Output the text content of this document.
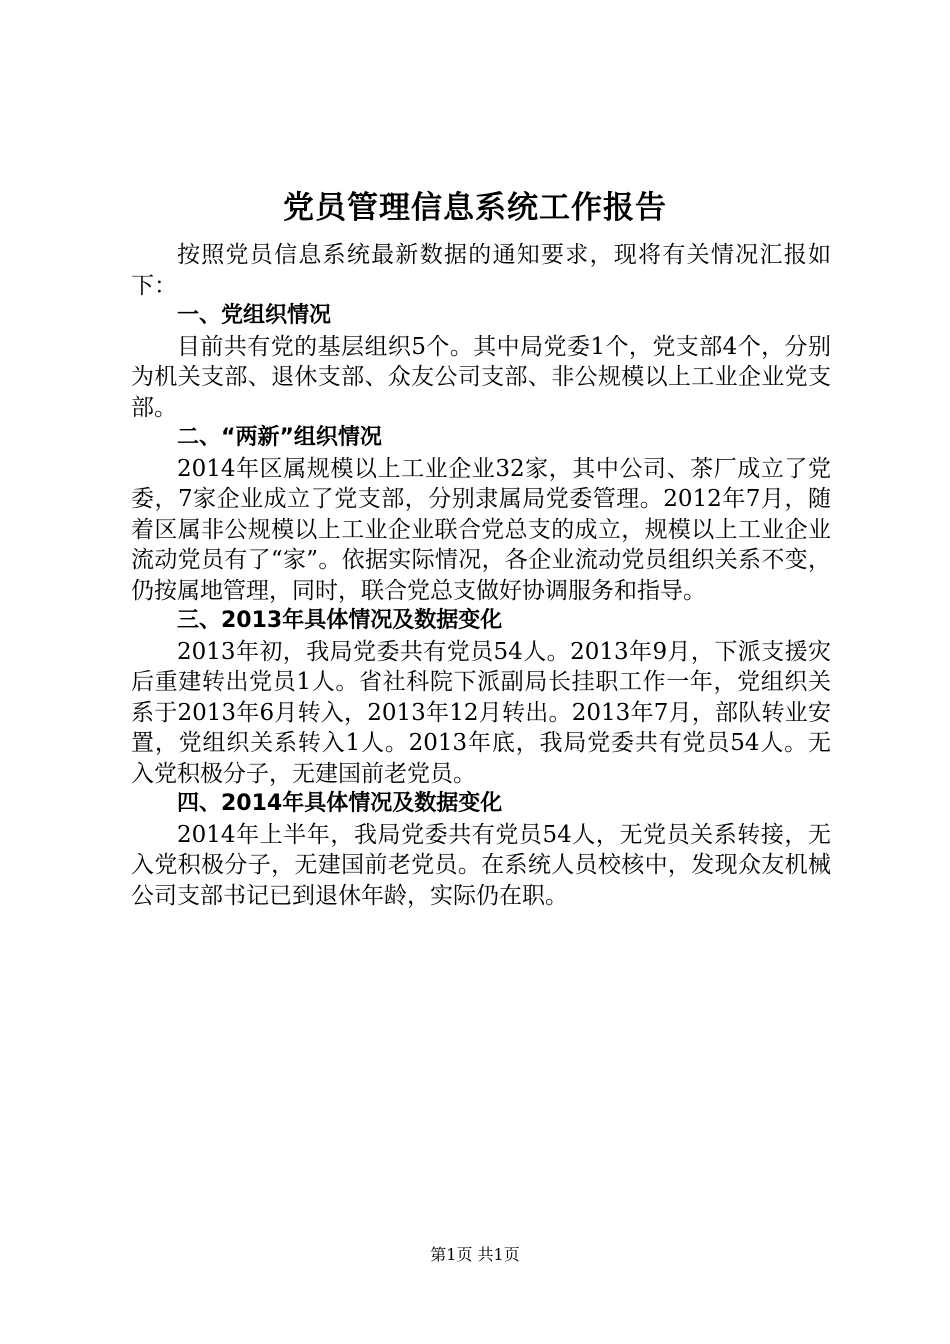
党员管理信息系统工作报告

按照党员信息系统最新数据的通知要求，现将有关情况汇报如下：

一、党组织情况

目前共有党的基层组织5个。其中局党委1个，党支部4个，分别为机关支部、退休支部、众友公司支部、非公规模以上工业企业党支部。

二、“两新”组织情况

2014年区属规模以上工业企业32家，其中公司、茶厂成立了党委，7家企业成立了党支部，分别隶属局党委管理。2012年7月，随着区属非公规模以上工业企业联合党总支的成立，规模以上工业企业流动党员有了“家”。依据实际情况，各企业流动党员组织关系不变，仍按属地管理，同时，联合党总支做好协调服务和指导。

三、2013年具体情况及数据变化

2013年初，我局党委共有党员54人。2013年9月，下派支援灾后重建转出党员1人。省社科院下派副局长挂职工作一年，党组织关系于2013年6月转入，2013年12月转出。2013年7月，部队转业安置，党组织关系转入1人。2013年底，我局党委共有党员54人。无入党积极分子，无建国前老党员。

四、2014年具体情况及数据变化

2014年上半年，我局党委共有党员54人，无党员关系转接，无入党积极分子，无建国前老党员。在系统人员校核中，发现众友机械公司支部书记已到退休年龄，实际仍在职。

第1页 共1页
